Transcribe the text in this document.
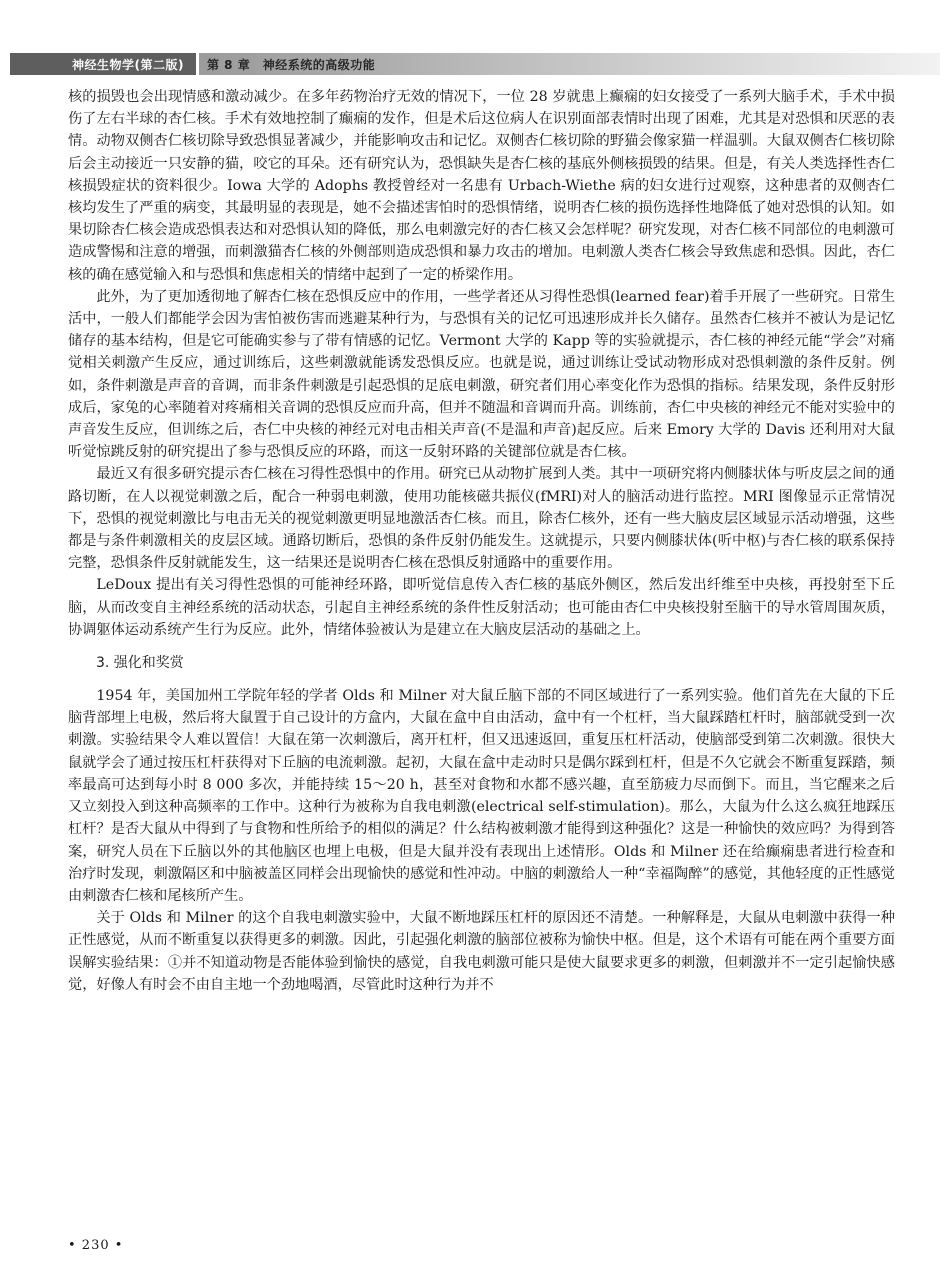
神经生物学(第二版)	第 8 章　神经系统的高级功能

核的损毁也会出现情感和激动减少。在多年药物治疗无效的情况下，一位 28 岁就患上癫痫的妇女接受了一系列大脑手术，手术中损伤了左右半球的杏仁核。手术有效地控制了癫痫的发作，但是术后这位病人在识别面部表情时出现了困难，尤其是对恐惧和厌恶的表情。动物双侧杏仁核切除导致恐惧显著减少，并能影响攻击和记忆。双侧杏仁核切除的野猫会像家猫一样温驯。大鼠双侧杏仁核切除后会主动接近一只安静的猫，咬它的耳朵。还有研究认为，恐惧缺失是杏仁核的基底外侧核损毁的结果。但是，有关人类选择性杏仁核损毁症状的资料很少。Iowa 大学的 Adophs 教授曾经对一名患有 Urbach-Wiethe 病的妇女进行过观察，这种患者的双侧杏仁核均发生了严重的病变，其最明显的表现是，她不会描述害怕时的恐惧情绪，说明杏仁核的损伤选择性地降低了她对恐惧的认知。如果切除杏仁核会造成恐惧表达和对恐惧认知的降低，那么电刺激完好的杏仁核又会怎样呢？研究发现，对杏仁核不同部位的电刺激可造成警惕和注意的增强，而刺激猫杏仁核的外侧部则造成恐惧和暴力攻击的增加。电刺激人类杏仁核会导致焦虑和恐惧。因此，杏仁核的确在感觉输入和与恐惧和焦虑相关的情绪中起到了一定的桥梁作用。

此外，为了更加透彻地了解杏仁核在恐惧反应中的作用，一些学者还从习得性恐惧(learned fear)着手开展了一些研究。日常生活中，一般人们都能学会因为害怕被伤害而逃避某种行为，与恐惧有关的记忆可迅速形成并长久储存。虽然杏仁核并不被认为是记忆储存的基本结构，但是它可能确实参与了带有情感的记忆。Vermont 大学的 Kapp 等的实验就提示，杏仁核的神经元能“学会”对痛觉相关刺激产生反应，通过训练后，这些刺激就能诱发恐惧反应。也就是说，通过训练让受试动物形成对恐惧刺激的条件反射。例如，条件刺激是声音的音调，而非条件刺激是引起恐惧的足底电刺激，研究者们用心率变化作为恐惧的指标。结果发现，条件反射形成后，家兔的心率随着对疼痛相关音调的恐惧反应而升高，但并不随温和音调而升高。训练前，杏仁中央核的神经元不能对实验中的声音发生反应，但训练之后，杏仁中央核的神经元对电击相关声音(不是温和声音)起反应。后来 Emory 大学的 Davis 还利用对大鼠听觉惊跳反射的研究提出了参与恐惧反应的环路，而这一反射环路的关键部位就是杏仁核。

最近又有很多研究提示杏仁核在习得性恐惧中的作用。研究已从动物扩展到人类。其中一项研究将内侧膝状体与听皮层之间的通路切断，在人以视觉刺激之后，配合一种弱电刺激，使用功能核磁共振仪(fMRI)对人的脑活动进行监控。MRI 图像显示正常情况下，恐惧的视觉刺激比与电击无关的视觉刺激更明显地激活杏仁核。而且，除杏仁核外，还有一些大脑皮层区域显示活动增强，这些都是与条件刺激相关的皮层区域。通路切断后，恐惧的条件反射仍能发生。这就提示，只要内侧膝状体(听中枢)与杏仁核的联系保持完整，恐惧条件反射就能发生，这一结果还是说明杏仁核在恐惧反射通路中的重要作用。

LeDoux 提出有关习得性恐惧的可能神经环路，即听觉信息传入杏仁核的基底外侧区，然后发出纤维至中央核，再投射至下丘脑，从而改变自主神经系统的活动状态，引起自主神经系统的条件性反射活动；也可能由杏仁中央核投射至脑干的导水管周围灰质，协调躯体运动系统产生行为反应。此外，情绪体验被认为是建立在大脑皮层活动的基础之上。

3. 强化和奖赏

1954 年，美国加州工学院年轻的学者 Olds 和 Milner 对大鼠丘脑下部的不同区域进行了一系列实验。他们首先在大鼠的下丘脑背部埋上电极，然后将大鼠置于自己设计的方盒内，大鼠在盒中自由活动，盒中有一个杠杆，当大鼠踩踏杠杆时，脑部就受到一次刺激。实验结果令人难以置信！大鼠在第一次刺激后，离开杠杆，但又迅速返回，重复压杠杆活动，使脑部受到第二次刺激。很快大鼠就学会了通过按压杠杆获得对下丘脑的电流刺激。起初，大鼠在盒中走动时只是偶尔踩到杠杆，但是不久它就会不断重复踩踏，频率最高可达到每小时 8 000 多次，并能持续 15～20 h，甚至对食物和水都不感兴趣，直至筋疲力尽而倒下。而且，当它醒来之后又立刻投入到这种高频率的工作中。这种行为被称为自我电刺激(electrical self-stimulation)。那么，大鼠为什么这么疯狂地踩压杠杆？是否大鼠从中得到了与食物和性所给予的相似的满足？什么结构被刺激才能得到这种强化？这是一种愉快的效应吗？为得到答案，研究人员在下丘脑以外的其他脑区也埋上电极，但是大鼠并没有表现出上述情形。Olds 和 Milner 还在给癫痫患者进行检查和治疗时发现，刺激隔区和中脑被盖区同样会出现愉快的感觉和性冲动。中脑的刺激给人一种“幸福陶醉”的感觉，其他轻度的正性感觉由刺激杏仁核和尾核所产生。

关于 Olds 和 Milner 的这个自我电刺激实验中，大鼠不断地踩压杠杆的原因还不清楚。一种解释是，大鼠从电刺激中获得一种正性感觉，从而不断重复以获得更多的刺激。因此，引起强化刺激的脑部位被称为愉快中枢。但是，这个术语有可能在两个重要方面误解实验结果：①并不知道动物是否能体验到愉快的感觉，自我电刺激可能只是使大鼠要求更多的刺激，但刺激并不一定引起愉快感觉，好像人有时会不由自主地一个劲地喝酒，尽管此时这种行为并不

• 230 •
